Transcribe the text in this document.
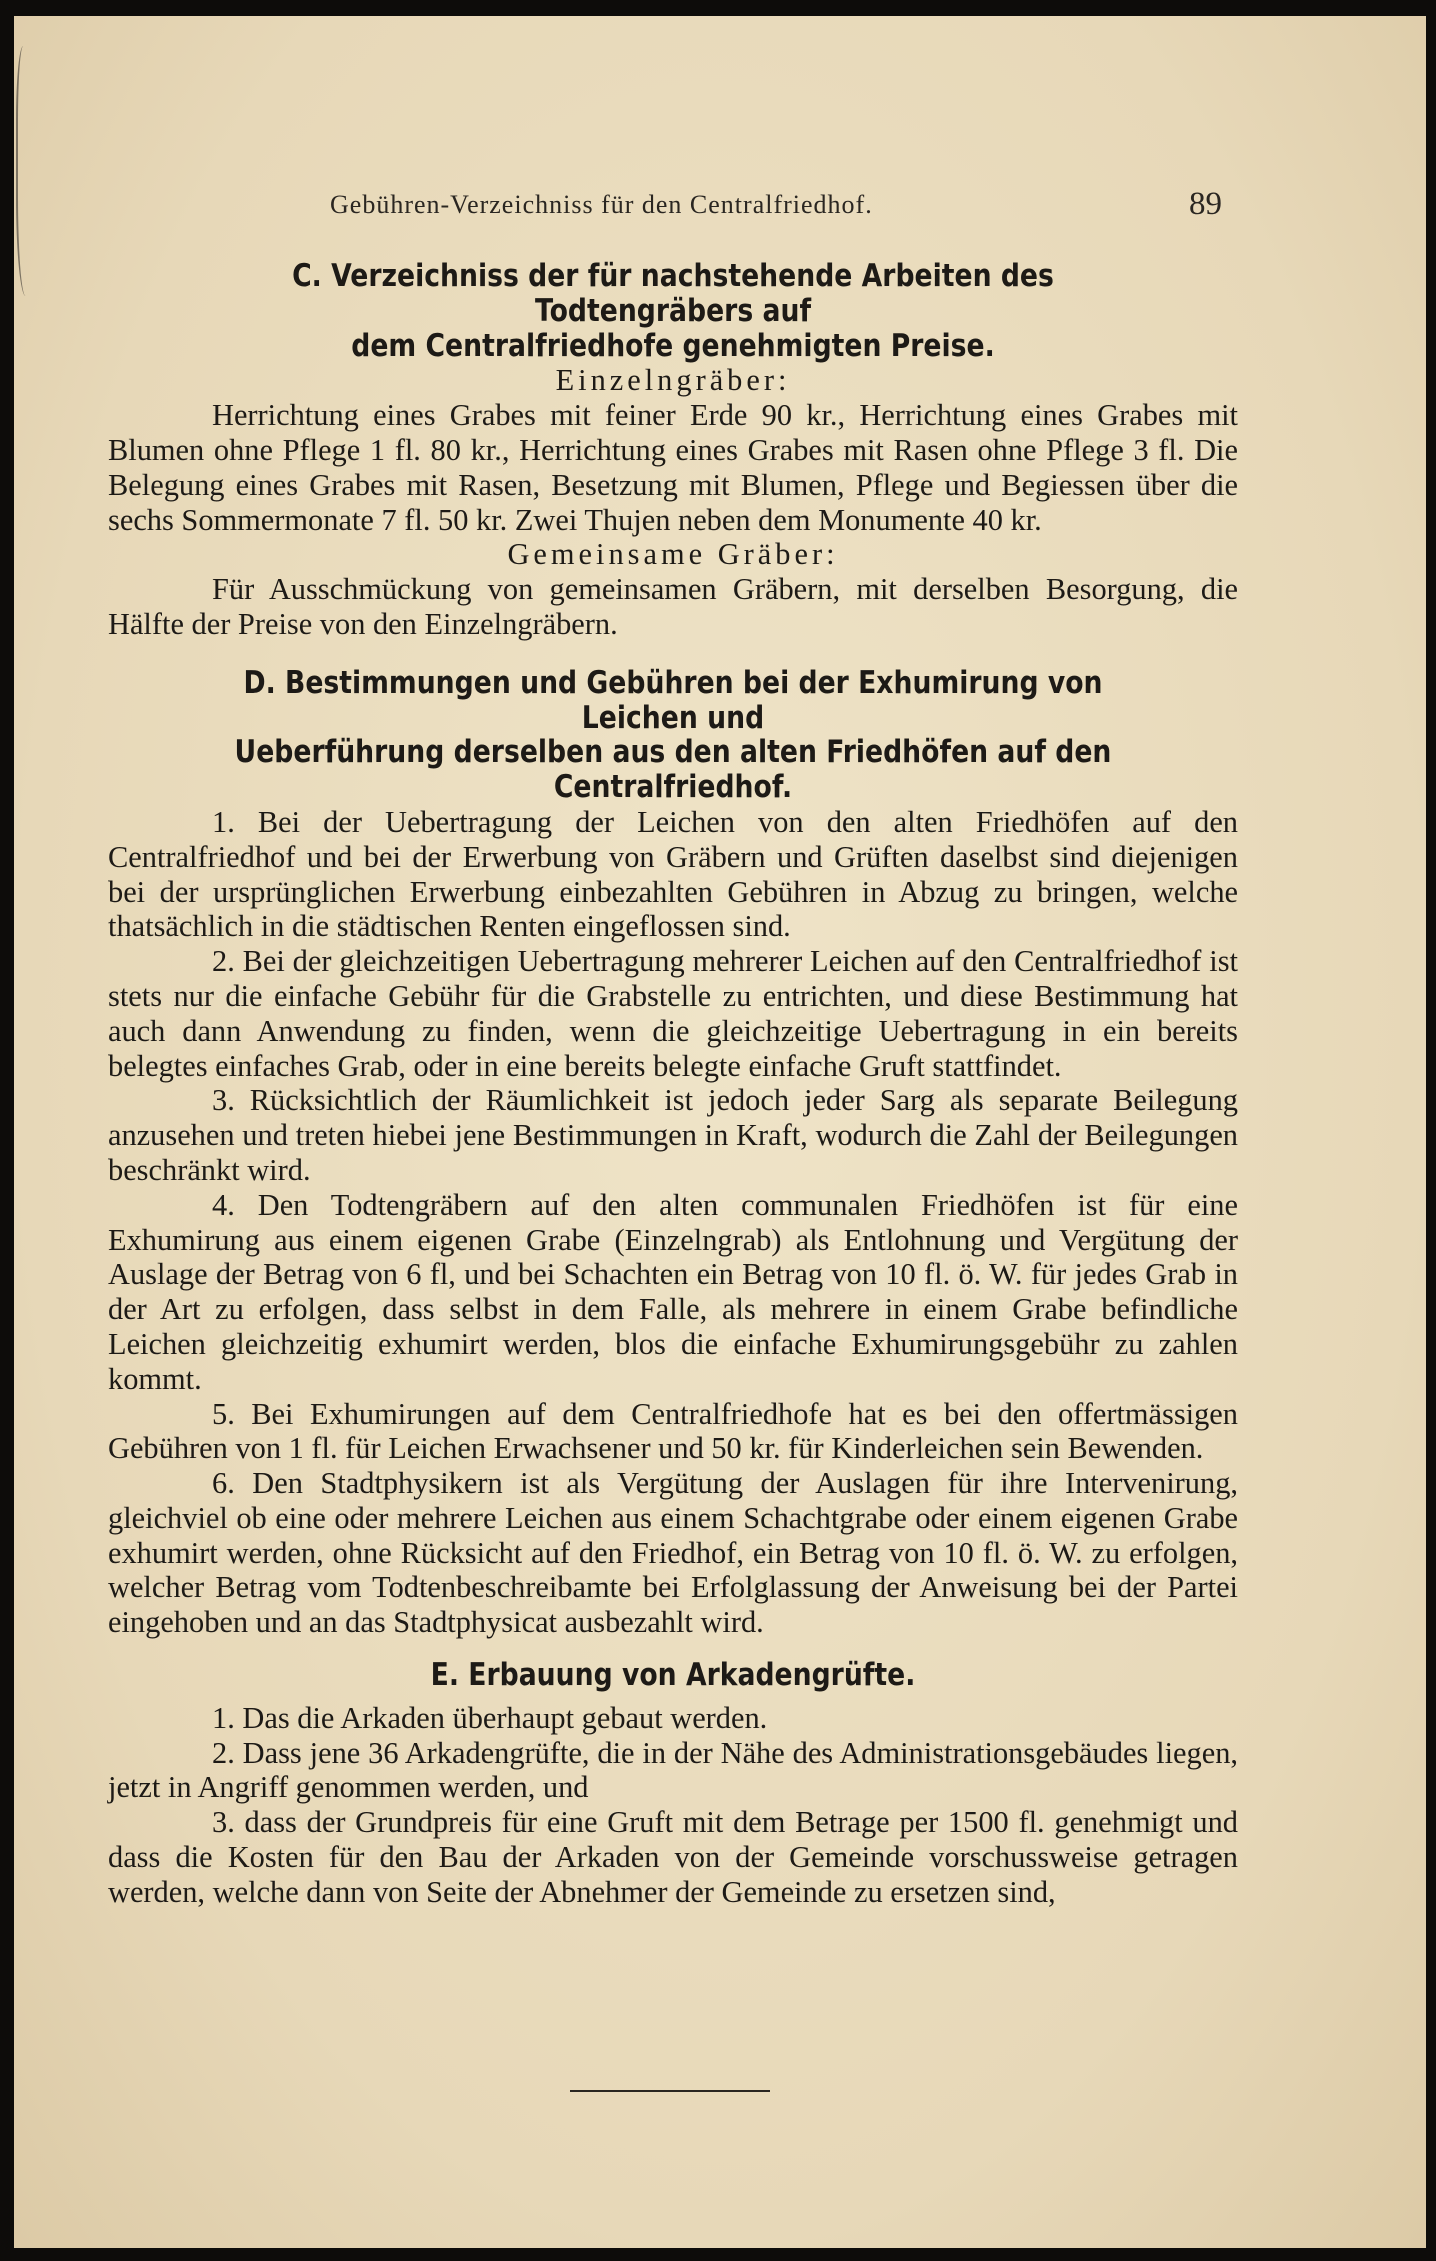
Gebühren-Verzeichniss für den Centralfriedhof.	89

C. Verzeichniss der für nachstehende Arbeiten des Todtengräbers auf

dem Centralfriedhofe genehmigten Preise.

Einzelngräber:

Herrichtung eines Grabes mit feiner Erde 90 kr., Herrichtung eines Grabes mit Blumen ohne Pflege 1 fl. 80 kr., Herrichtung eines Grabes mit Rasen ohne Pflege 3 fl. Die Belegung eines Grabes mit Rasen, Besetzung mit Blumen, Pflege und Begiessen über die sechs Sommermonate 7 fl. 50 kr. Zwei Thujen neben dem Monumente 40 kr.

Gemeinsame Gräber:

Für Ausschmückung von gemeinsamen Gräbern, mit derselben Besorgung, die Hälfte der Preise von den Einzelngräbern.

D. Bestimmungen und Gebühren bei der Exhumirung von Leichen und

Ueberführung derselben aus den alten Friedhöfen auf den Centralfriedhof.

1. Bei der Uebertragung der Leichen von den alten Friedhöfen auf den Centralfriedhof und bei der Erwerbung von Gräbern und Grüften daselbst sind diejenigen bei der ursprünglichen Erwerbung einbezahlten Gebühren in Abzug zu bringen, welche thatsächlich in die städtischen Renten eingeflossen sind.

2. Bei der gleichzeitigen Uebertragung mehrerer Leichen auf den Centralfriedhof ist stets nur die einfache Gebühr für die Grabstelle zu entrichten, und diese Bestimmung hat auch dann Anwendung zu finden, wenn die gleichzeitige Uebertragung in ein bereits belegtes einfaches Grab, oder in eine bereits belegte einfache Gruft stattfindet.

3. Rücksichtlich der Räumlichkeit ist jedoch jeder Sarg als separate Beilegung anzusehen und treten hiebei jene Bestimmungen in Kraft, wodurch die Zahl der Beilegungen beschränkt wird.

4. Den Todtengräbern auf den alten communalen Friedhöfen ist für eine Exhumirung aus einem eigenen Grabe (Einzelngrab) als Entlohnung und Vergütung der Auslage der Betrag von 6 fl, und bei Schachten ein Betrag von 10 fl. ö. W. für jedes Grab in der Art zu erfolgen, dass selbst in dem Falle, als mehrere in einem Grabe befindliche Leichen gleichzeitig exhumirt werden, blos die einfache Exhumirungsgebühr zu zahlen kommt.

5. Bei Exhumirungen auf dem Centralfriedhofe hat es bei den offertmässigen Gebühren von 1 fl. für Leichen Erwachsener und 50 kr. für Kinderleichen sein Bewenden.

6. Den Stadtphysikern ist als Vergütung der Auslagen für ihre Intervenirung, gleichviel ob eine oder mehrere Leichen aus einem Schachtgrabe oder einem eigenen Grabe exhumirt werden, ohne Rücksicht auf den Friedhof, ein Betrag von 10 fl. ö. W. zu erfolgen, welcher Betrag vom Todtenbeschreibamte bei Erfolglassung der Anweisung bei der Partei eingehoben und an das Stadtphysicat ausbezahlt wird.

E. Erbauung von Arkadengrüfte.

1. Das die Arkaden überhaupt gebaut werden.

2. Dass jene 36 Arkadengrüfte, die in der Nähe des Administrationsgebäudes liegen, jetzt in Angriff genommen werden, und

3. dass der Grundpreis für eine Gruft mit dem Betrage per 1500 fl. genehmigt und dass die Kosten für den Bau der Arkaden von der Gemeinde vorschussweise getragen werden, welche dann von Seite der Abnehmer der Gemeinde zu ersetzen sind,
